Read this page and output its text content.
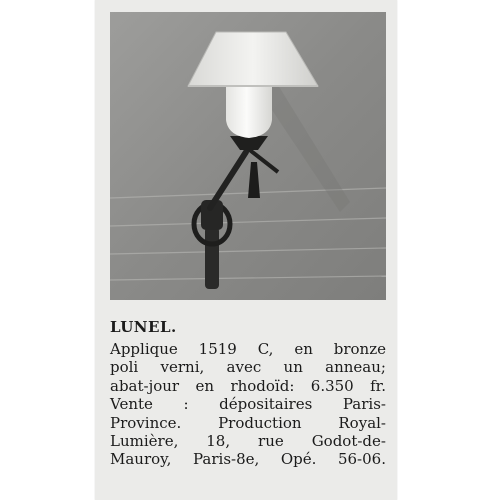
LUNEL.
Applique 1519 C, en bronze
poli verni, avec un anneau;
abat-jour en rhodoïd: 6.350 fr.
Vente : dépositaires Paris-
Province. Production Royal-
Lumière, 18, rue Godot-de-
Mauroy, Paris-8e, Opé. 56-06.
